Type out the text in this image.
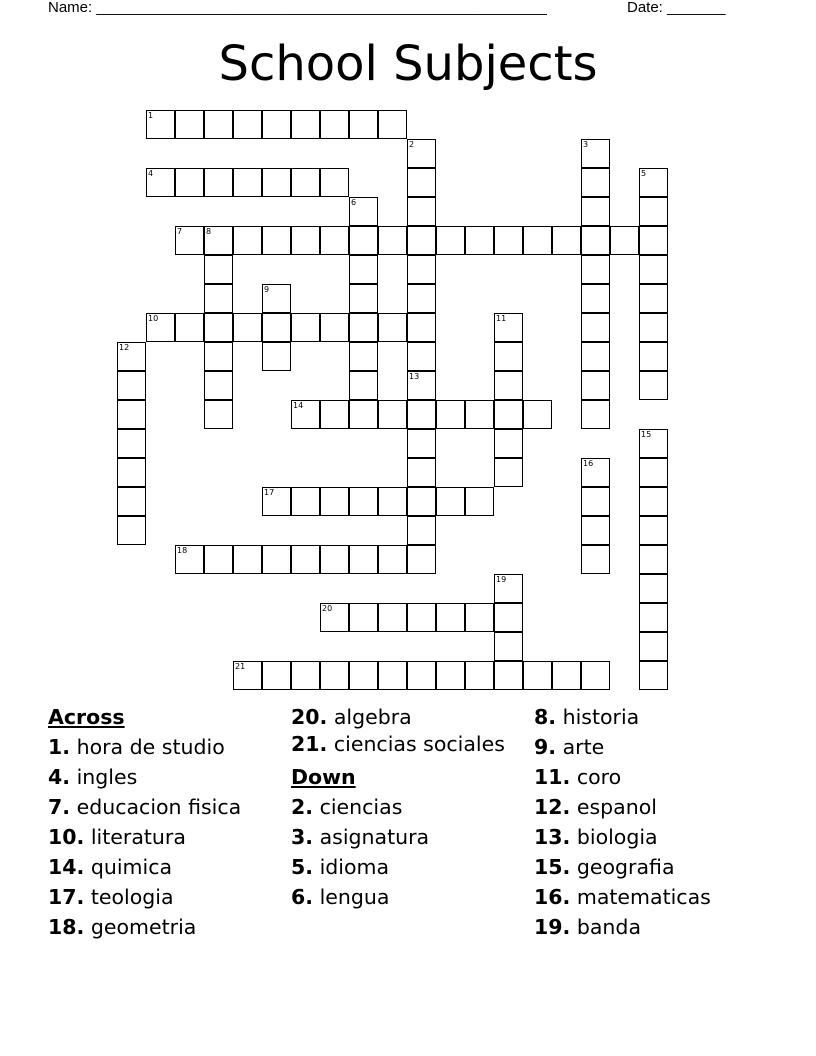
Name: ______________________________________________________	Date: _______
School Subjects
1
4
7	8
10
14
17
18
20
21
2	3
5
6
9
11
12
13
15
16
19
Across
1. hora de studio
4. ingles
7. educacion fisica
10. literatura
14. quimica
17. teologia
18. geometria
20. algebra
21. ciencias sociales
Down
2. ciencias
3. asignatura
5. idioma
6. lengua
8. historia
9. arte
11. coro
12. espanol
13. biologia
15. geografia
16. matematicas
19. banda
